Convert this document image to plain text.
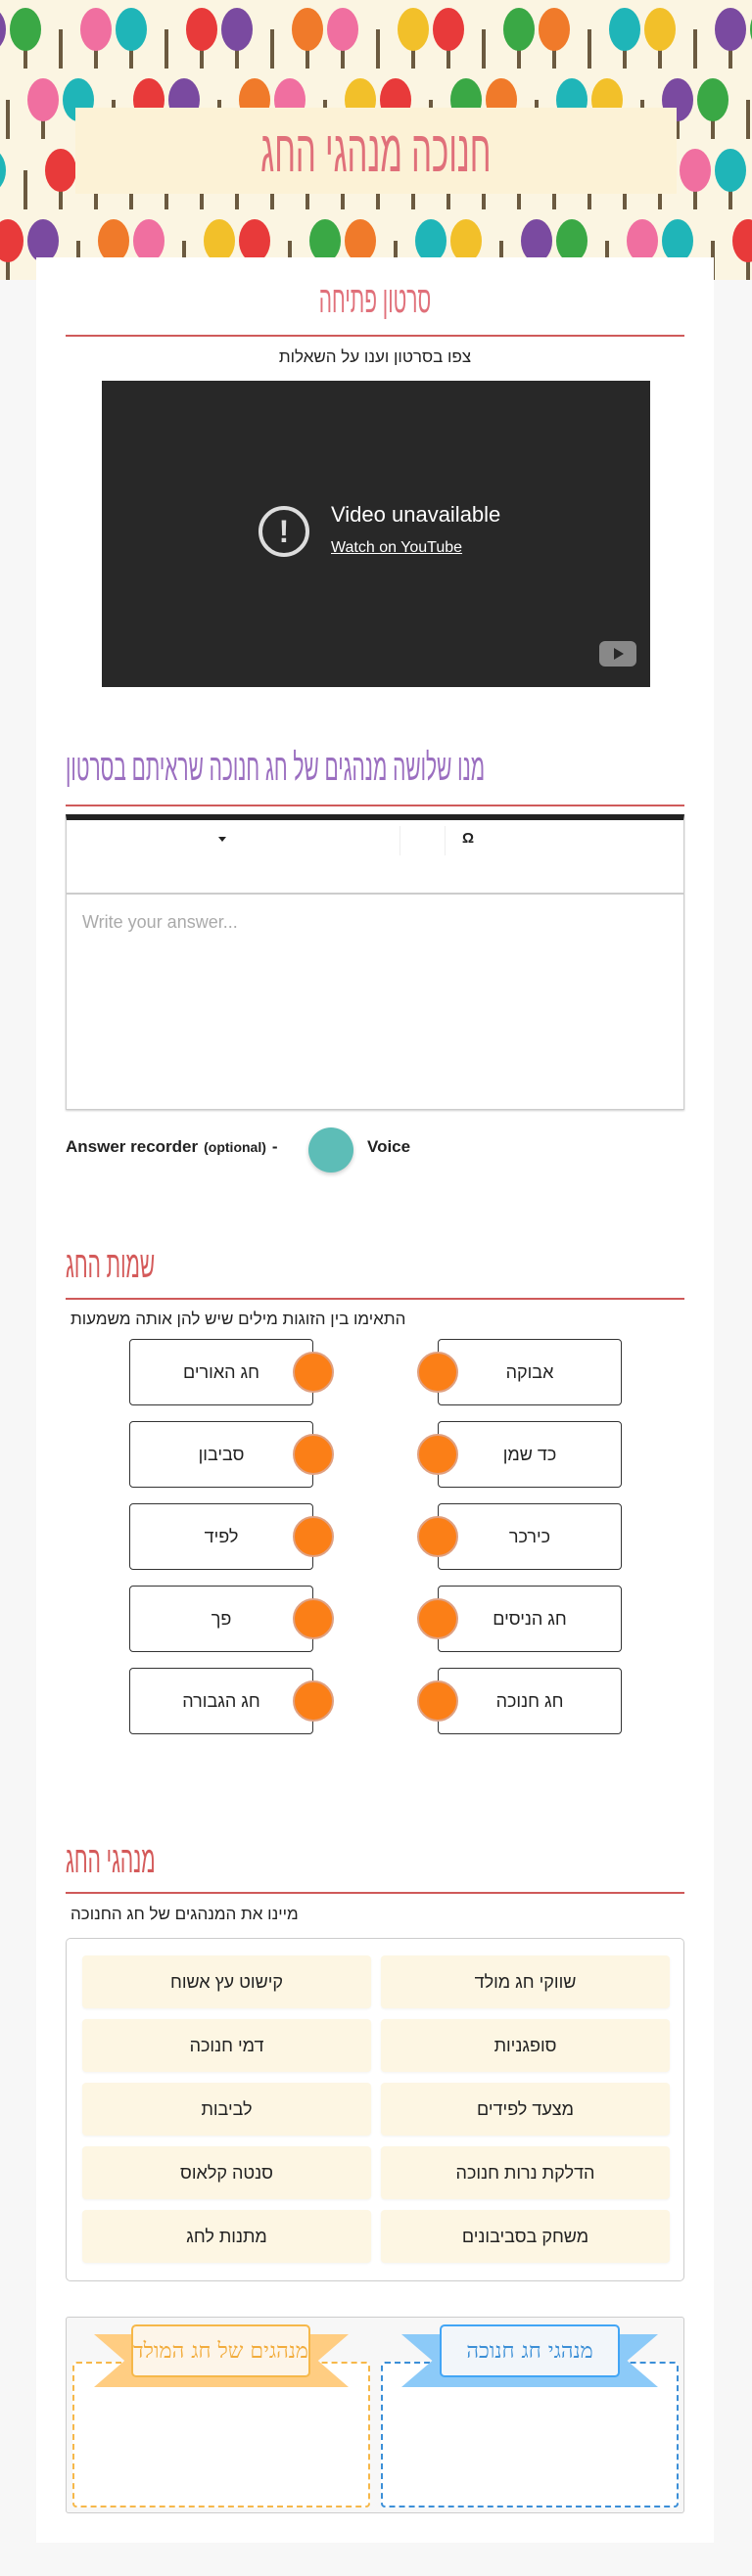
חנוכה מנהגי החג
סרטון פתיחה
צפו בסרטון וענו על השאלות
!	Video unavailable
Watch on YouTube
מנו שלושה מנהגים של חג חנוכה שראיתם בסרטון
Ω
Write your answer...
Answer recorder (optional) -	Voice
שמות החג
התאימו בין הזוגות מילים שיש להן אותה משמעות
חג האורים	אבוקה
סביבון	כד שמן
לפיד	כירכר
פך	חג הניסים
חג הגבורה	חג חנוכה
מנהגי החג
מיינו את המנהגים של חג החנוכה
שווקי חג מולד
קישוט עץ אשוח
סופגניות
דמי חנוכה
מצעד לפידים
לביבות
הדלקת נרות חנוכה
סנטה קלאוס
משחק בסביבונים
מתנות לחג
מנהגים של חג המולד	מנהגי חג חנוכה
